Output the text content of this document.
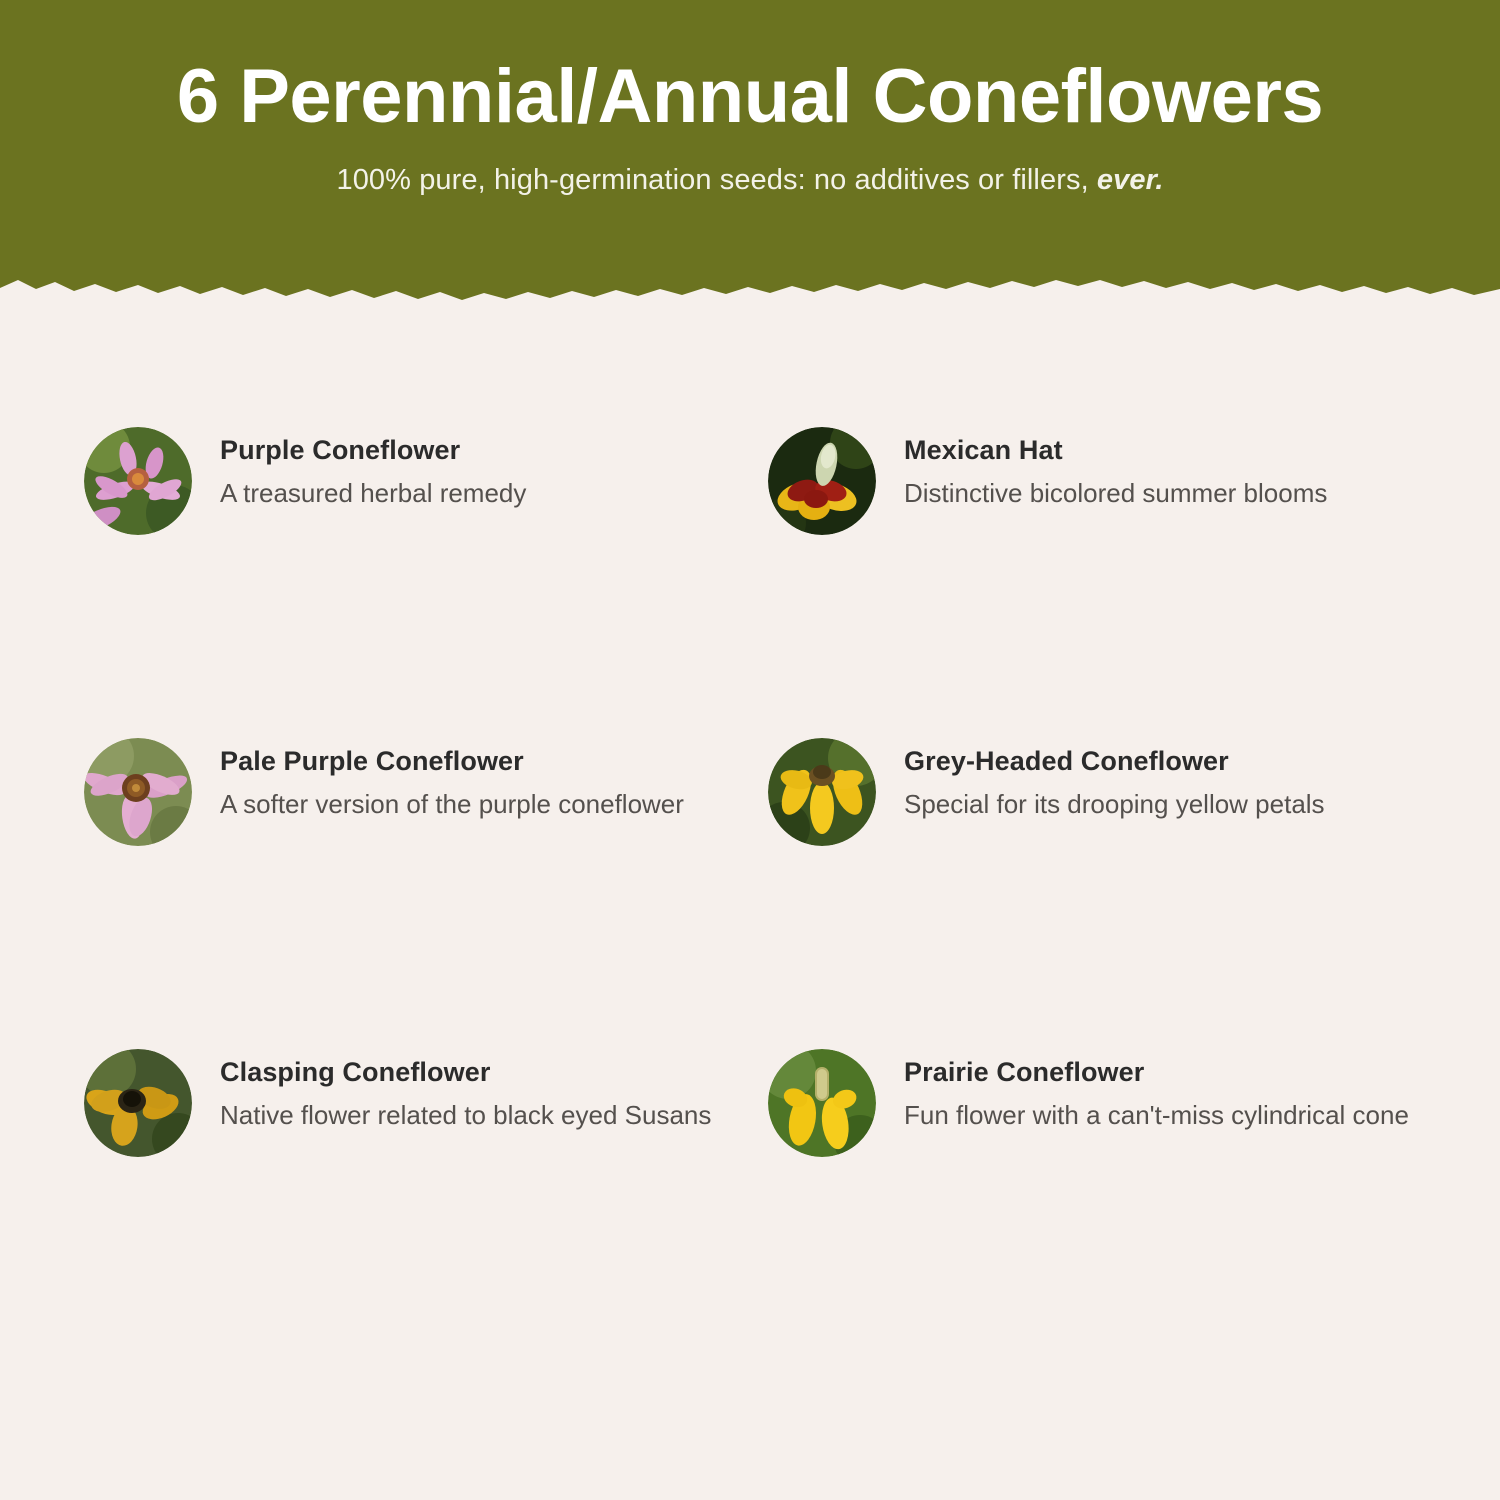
6 Perennial/Annual Coneflowers
100% pure, high-germination seeds: no additives or fillers, ever.

Purple Coneflower

A treasured herbal remedy

Mexican Hat

Distinctive bicolored summer blooms

Pale Purple Coneflower

A softer version of the purple coneflower

Grey-Headed Coneflower

Special for its drooping yellow petals

Clasping Coneflower

Native flower related to black eyed Susans

Prairie Coneflower

Fun flower with a can't-miss cylindrical cone
